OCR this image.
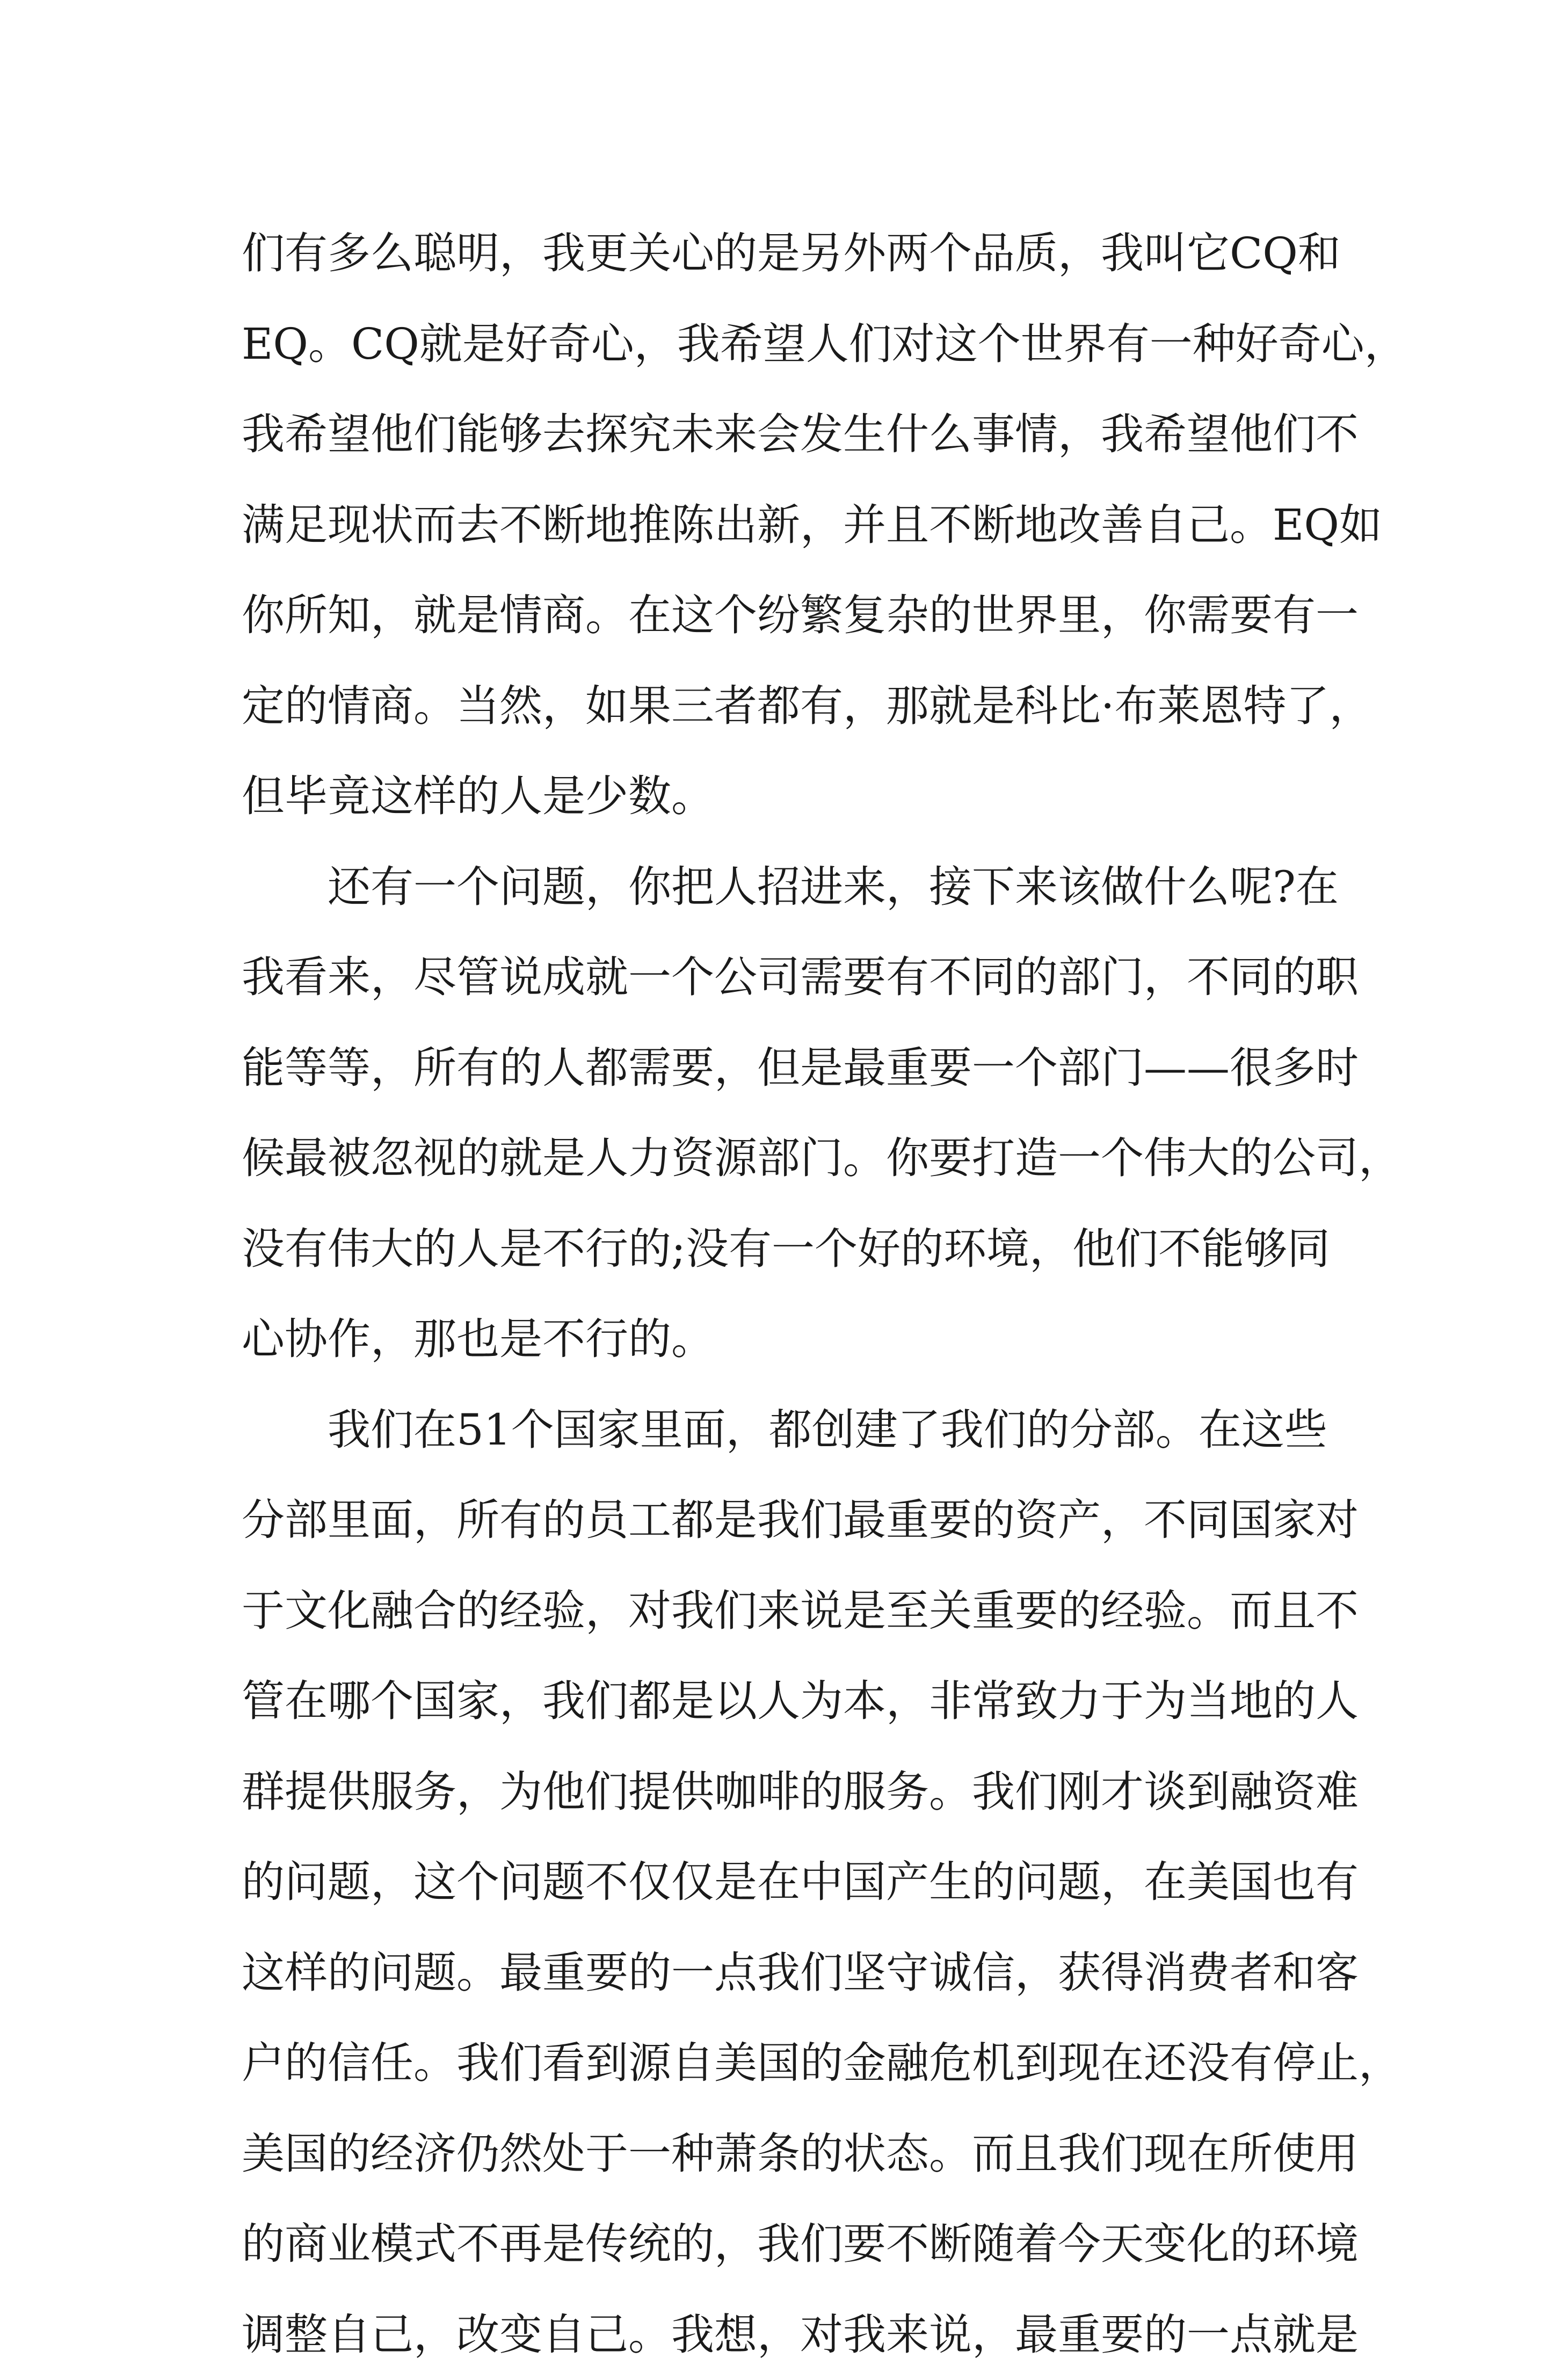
们有多么聪明，我更关心的是另外两个品质，我叫它CQ和
EQ。CQ就是好奇心，我希望人们对这个世界有一种好奇心，
我希望他们能够去探究未来会发生什么事情，我希望他们不
满足现状而去不断地推陈出新，并且不断地改善自己。EQ如
你所知，就是情商。在这个纷繁复杂的世界里，你需要有一
定的情商。当然，如果三者都有，那就是科比·布莱恩特了，
但毕竟这样的人是少数。
还有一个问题，你把人招进来，接下来该做什么呢?在
我看来，尽管说成就一个公司需要有不同的部门，不同的职
能等等，所有的人都需要，但是最重要一个部门——很多时
候最被忽视的就是人力资源部门。你要打造一个伟大的公司，
没有伟大的人是不行的;没有一个好的环境，他们不能够同
心协作，那也是不行的。
我们在51个国家里面，都创建了我们的分部。在这些
分部里面，所有的员工都是我们最重要的资产，不同国家对
于文化融合的经验，对我们来说是至关重要的经验。而且不
管在哪个国家，我们都是以人为本，非常致力于为当地的人
群提供服务，为他们提供咖啡的服务。我们刚才谈到融资难
的问题，这个问题不仅仅是在中国产生的问题，在美国也有
这样的问题。最重要的一点我们坚守诚信，获得消费者和客
户的信任。我们看到源自美国的金融危机到现在还没有停止，
美国的经济仍然处于一种萧条的状态。而且我们现在所使用
的商业模式不再是传统的，我们要不断随着今天变化的环境
调整自己，改变自己。我想，对我来说，最重要的一点就是
